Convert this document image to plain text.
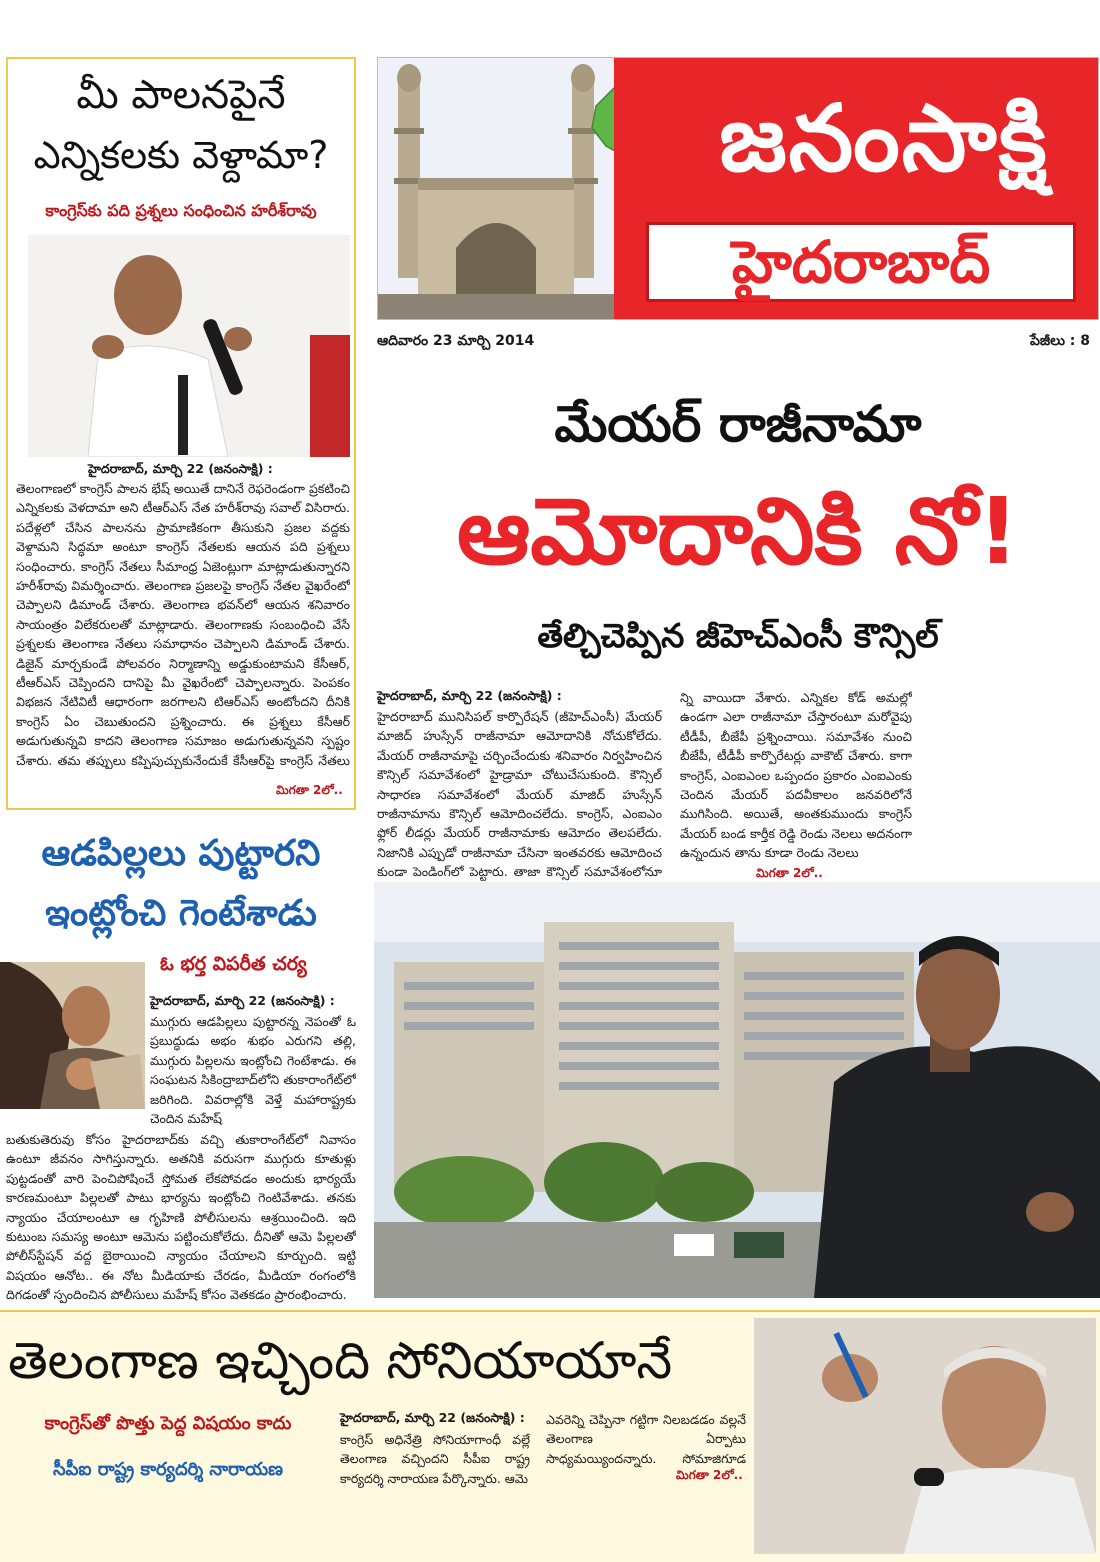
జనంసాక్షి
హైదరాబాద్
ఆదివారం 23 మార్చి 2014	పేజీలు : 8
మీ పాలనపైనే
ఎన్నికలకు వెళ్దామా?
కాంగ్రెస్‌కు పది ప్రశ్నలు సంధించిన హరీశ్‌రావు
హైదరాబాద్‌, మార్చి 22 (జనంసాక్షి) :
తెలంగాణలో కాంగ్రెస్‌ పాలన భేష్‌ అయితే దానినే రెఫరెండంగా ప్రకటించి ఎన్నికలకు వెళదామా అని టీఆర్‌ఎస్‌ నేత హరీశ్‌రావు సవాల్‌ విసిరారు. పదేళ్లలో చేసిన పాలనను ప్రామాణికంగా తీసుకుని ప్రజల వద్దకు వెళ్దామని సిద్ధమా అంటూ కాంగ్రెస్‌ నేతలకు ఆయన పది ప్రశ్నలు సంధించారు. కాంగ్రెస్‌ నేతలు సీమాంధ్ర ఏజెంట్లుగా మాట్లాడుతున్నారని హరీశ్‌రావు విమర్శించారు. తెలంగాణ ప్రజలపై కాంగ్రెస్‌ నేతల వైఖరేంటో చెప్పాలని డిమాండ్‌ చేశారు. తెలంగాణ భవన్‌లో ఆయన శనివారం సాయంత్రం విలేకరులతో మాట్లాడారు. తెలంగాణకు సంబంధించి వేసే ప్రశ్నలకు తెలంగాణ నేతలు సమాధానం చెప్పాలని డిమాండ్‌ చేశారు. డిజైన్‌ మార్చకుండే పోలవరం నిర్మాణాన్ని అడ్డుకుంటామని కేసీఆర్‌, టీఆర్‌ఎస్‌ చెప్పిందని దానిపై మీ వైఖరేంటో చెప్పాలన్నారు. పెంపకం విభజన నేటివిటీ ఆధారంగా జరగాలని టిఆర్‌ఎస్‌ అంటోందని దీనికి కాంగ్రెస్‌ ఏం చెబుతుందని ప్రశ్నించారు. ఈ ప్రశ్నలు కేసీఆర్‌ అడుగుతున్నవి కాదని తెలంగాణ సమాజం అడుగుతున్నవని స్పష్టం చేశారు. తమ తప్పులు కప్పిపుచ్చుకునేందుకే కేసీఆర్‌పై కాంగ్రెస్‌ నేతలు
మిగతా 2లో..
ఆడపిల్లలు పుట్టారని
ఇంట్లోంచి గెంటేశాడు
ఓ భర్త విపరీత చర్య
హైదరాబాద్‌, మార్చి 22 (జనంసాక్షి) :
ముగ్గురు ఆడపిల్లలు పుట్టారన్న నెపంతో ఓ ప్రబుద్ధుడు అభం శుభం ఎరుగని తల్లి, ముగ్గురు పిల్లలను ఇంట్లోంచి గెంటేశాడు. ఈ సంఘటన సికింద్రాబాద్‌లోని తుకారాంగేట్‌లో జరిగింది. వివరాల్లోకి వెళ్తే మహారాష్ట్రకు చెందిన మహేష్‌
బతుకుతెరువు కోసం హైదరాబాద్‌కు వచ్చి తుకారాంగేట్‌లో నివాసం ఉంటూ జీవనం సాగిస్తున్నారు. అతనికి వరుసగా ముగ్గురు కూతుళ్లు పుట్టడంతో వారి పెంచిపోషించే స్తోమత లేకపోవడం అందుకు భార్యయే కారణమంటూ పిల్లలతో పాటు భార్యను ఇంట్లోంచి గెంటివేశాడు. తనకు న్యాయం చేయాలంటూ ఆ గృహిణి పోలీసులను ఆశ్రయించింది. ఇది కుటుంబ సమస్య అంటూ ఆమెను పట్టించుకోలేదు. దీనితో ఆమె పిల్లలతో పోలీస్‌స్టేషన్‌ వద్ద బైఠాయించి న్యాయం చేయాలని కూర్చుంది. ఇట్టి విషయం ఆనోట.. ఈ నోట మీడియాకు చేరడం, మీడియా రంగంలోకి దిగడంతో స్పందించిన పోలీసులు మహేష్‌ కోసం వెతకడం ప్రారంభించారు.
మేయర్‌ రాజీనామా
ఆమోదానికి నో!
తేల్చిచెప్పిన జీహెచ్‌ఎంసీ కౌన్సిల్‌
హైదరాబాద్‌, మార్చి 22 (జనంసాక్షి) :
హైదరాబాద్‌ మునిసిపల్‌ కార్పొరేషన్‌ (జీహెచ్‌ఎంసీ) మేయర్‌ మాజిద్‌ హుస్సేన్‌ రాజీనామా ఆమోదానికి నోచుకోలేదు. మేయర్‌ రాజీనామాపై చర్చించేందుకు శనివారం నిర్వహించిన కౌన్సిల్‌ సమావేశంలో హైడ్రామా చోటుచేసుకుంది. కౌన్సిల్‌ సాధారణ సమావేశంలో మేయర్‌ మాజిద్‌ హుస్సేన్‌ రాజీనామాను కౌన్సిల్‌ ఆమోదించలేదు. కాంగ్రెస్‌, ఎంఐఎం ఫ్లోర్‌ లీడర్లు మేయర్‌ రాజీనామాకు ఆమోదం తెలపలేదు. నిజానికి ఎప్పుడో రాజీనామా చేసినా ఇంతవరకు ఆమోదించ కుండా పెండింగ్‌లో పెట్టారు. తాజా కౌన్సిల్‌ సమావేశంలోనూ
న్ని వాయిదా వేశారు. ఎన్నికల కోడ్‌ అమల్లో ఉండగా ఎలా రాజీనామా చేస్తారంటూ మరోవైపు టీడీపీ, బీజేపీ ప్రశ్నించాయి. సమావేశం నుంచి బీజేపీ, టీడీపీ కార్పొరేటర్లు వాకౌట్‌ చేశారు. కాగా కాంగ్రెస్‌, ఎంఐఎంల ఒప్పందం ప్రకారం ఎంఐఎంకు చెందిన మేయర్‌ పదవీకాలం జనవరిలోనే ముగిసింది. అయితే, అంతకుముందు కాంగ్రెస్‌ మేయర్‌ బండ కార్తీక రెడ్డి రెండు నెలలు అదనంగా ఉన్నందున తాను కూడా రెండు నెలలు
మిగతా 2లో..
తెలంగాణ ఇచ్చింది సోనియాయానే
కాంగ్రెస్‌తో పొత్తు పెద్ద విషయం కాదు
సీపీఐ రాష్ట్ర కార్యదర్శి నారాయణ
హైదరాబాద్‌, మార్చి 22 (జనంసాక్షి) :
కాంగ్రెస్‌ అధినేత్రి సోనియాగాంధీ వల్లే తెలంగాణ వచ్చిందని సీపీఐ రాష్ట్ర కార్యదర్శి నారాయణ పేర్కొన్నారు. ఆమె
ఎవరెన్ని చెప్పినా గట్టిగా నిలబడడం వల్లనే తెలంగాణ ఏర్పాటు సాధ్యమయ్యిందన్నారు. సోమాజిగూడ
మిగతా 2లో..
